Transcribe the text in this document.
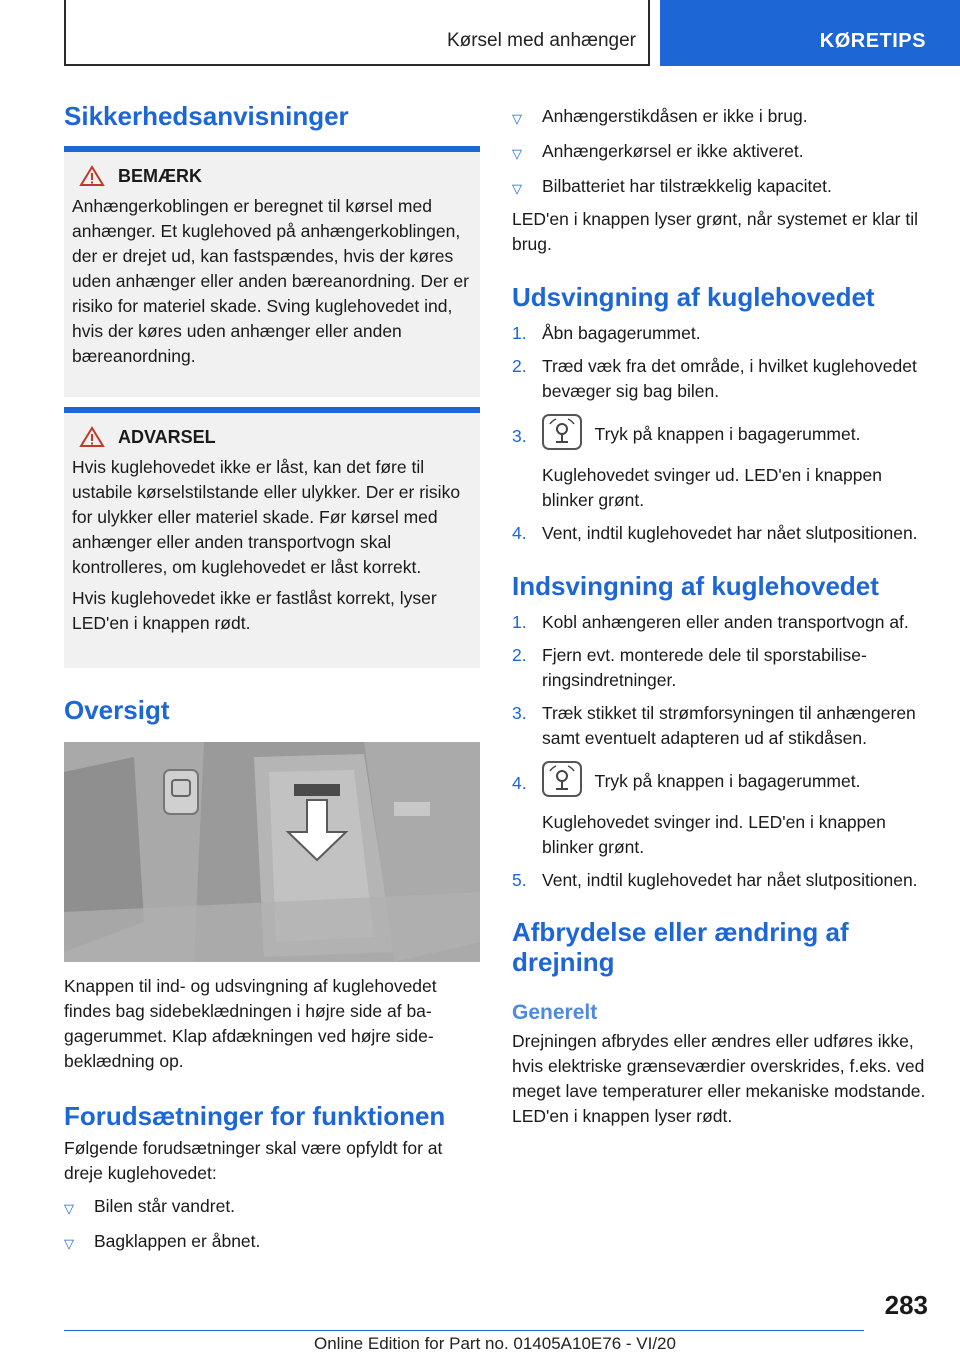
Kørsel med anhænger	KØRETIPS
Sikkerhedsanvisninger
BEMÆRK

Anhængerkoblingen er beregnet til kørsel med anhænger. Et kuglehoved på anhængerkoblingen, der er drejet ud, kan fastspændes, hvis der køres uden anhænger eller anden bæreanordning. Der er risiko for materiel skade. Sving kuglehovedet ind, hvis der køres uden anhænger eller anden bæreanordning.

ADVARSEL

Hvis kuglehovedet ikke er låst, kan det føre til ustabile kørselstilstande eller ulykker. Der er risiko for ulykker eller materiel skade. Før kørsel med anhænger eller anden transportvogn skal kontrolleres, om kuglehovedet er låst korrekt.

Hvis kuglehovedet ikke er fastlåst korrekt, lyser LED'en i knappen rødt.

Oversigt

Knappen til ind- og udsvingning af kuglehovedet findes bag sidebeklædningen i højre side af bagagerummet. Klap afdækningen ved højre sidebeklædning op.

Forudsætninger for funktionen

Følgende forudsætninger skal være opfyldt for at dreje kuglehovedet:

▽	Bilen står vandret.
▽	Bagklappen er åbnet.
▽	Anhængerstikdåsen er ikke i brug.
▽	Anhængerkørsel er ikke aktiveret.
▽	Bilbatteriet har tilstrækkelig kapacitet.

LED'en i knappen lyser grønt, når systemet er klar til brug.

Udsvingning af kuglehovedet
1. Åbn bagagerummet.
2. Træd væk fra det område, i hvilket kuglehovedet bevæger sig bag bilen.
3.	Tryk på knappen i bagagerummet.

Kuglehovedet svinger ud. LED'en i knappen blinker grønt.

4. Vent, indtil kuglehovedet har nået slutpositionen.
Indsvingning af kuglehovedet
1. Kobl anhængeren eller anden transportvogn af.
2. Fjern evt. monterede dele til sporstabiliseringsindretninger.
3. Træk stikket til strømforsyningen til anhængeren samt eventuelt adapteren ud af stikdåsen.
4.	Tryk på knappen i bagagerummet.

Kuglehovedet svinger ind. LED'en i knappen blinker grønt.

5. Vent, indtil kuglehovedet har nået slutpositionen.
Afbrydelse eller ændring af drejning
Generelt

Drejningen afbrydes eller ændres eller udføres ikke, hvis elektriske grænseværdier overskrides, f.eks. ved meget lave temperaturer eller mekaniske modstande. LED'en i knappen lyser rødt.

283
Online Edition for Part no. 01405A10E76 - VI/20
